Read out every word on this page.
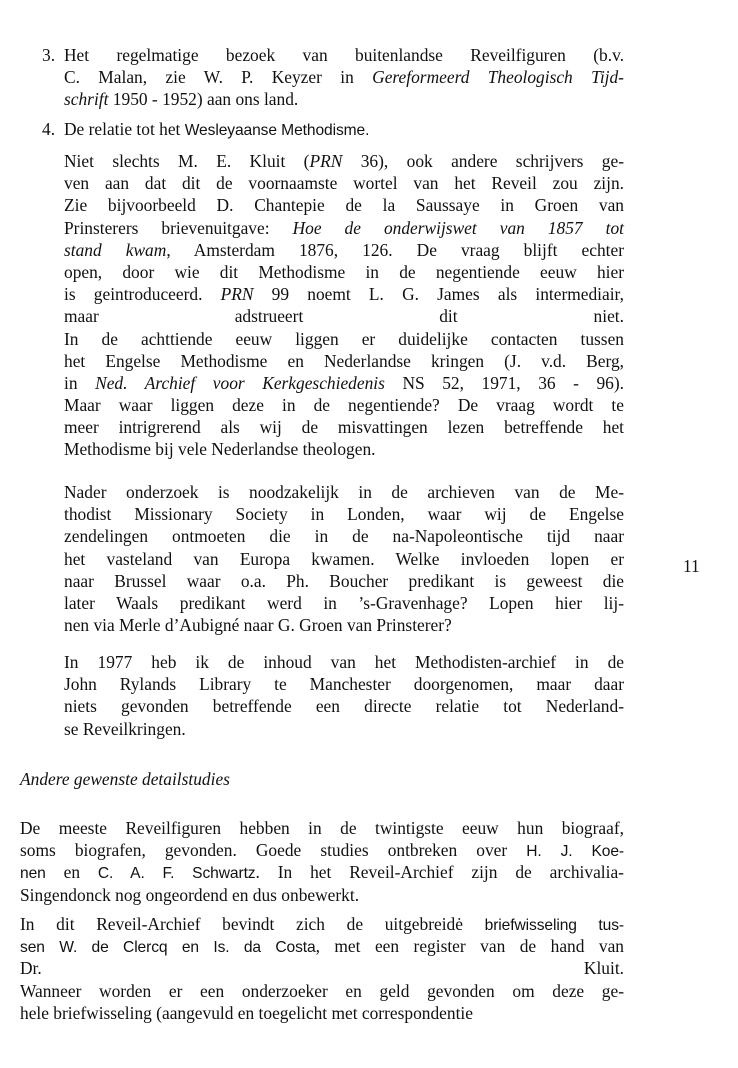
3. Het regelmatige bezoek van buitenlandse Reveilfiguren (b.v.
C. Malan, zie W. P. Keyzer in Gereformeerd Theologisch Tijd-
schrift 1950 - 1952) aan ons land.
4. De relatie tot het Wesleyaanse Methodisme.
Niet slechts M. E. Kluit (PRN 36), ook andere schrijvers ge-
ven aan dat dit de voornaamste wortel van het Reveil zou zijn.
Zie bijvoorbeeld D. Chantepie de la Saussaye in Groen van
Prinsterers brievenuitgave: Hoe de onderwijswet van 1857 tot
stand kwam, Amsterdam 1876, 126. De vraag blijft echter
open, door wie dit Methodisme in de negentiende eeuw hier
is geintroduceerd. PRN 99 noemt L. G. James als intermediair,
maar adstrueert dit niet.
In de achttiende eeuw liggen er duidelijke contacten tussen
het Engelse Methodisme en Nederlandse kringen (J. v.d. Berg,
in Ned. Archief voor Kerkgeschiedenis NS 52, 1971, 36 - 96).
Maar waar liggen deze in de negentiende? De vraag wordt te
meer intrigrerend als wij de misvattingen lezen betreffende het
Methodisme bij vele Nederlandse theologen.
Nader onderzoek is noodzakelijk in de archieven van de Me-
thodist Missionary Society in Londen, waar wij de Engelse
zendelingen ontmoeten die in de na-Napoleontische tijd naar
het vasteland van Europa kwamen. Welke invloeden lopen er
naar Brussel waar o.a. Ph. Boucher predikant is geweest die
later Waals predikant werd in ’s-Gravenhage? Lopen hier lij-
nen via Merle d’Aubigné naar G. Groen van Prinsterer?
11
In 1977 heb ik de inhoud van het Methodisten-archief in de
John Rylands Library te Manchester doorgenomen, maar daar
niets gevonden betreffende een directe relatie tot Nederland-
se Reveilkringen.
Andere gewenste detailstudies
De meeste Reveilfiguren hebben in de twintigste eeuw hun biograaf,
soms biografen, gevonden. Goede studies ontbreken over H. J. Koe-
nen en C. A. F. Schwartz. In het Reveil-Archief zijn de archivalia-
Singendonck nog ongeordend en dus onbewerkt.
In dit Reveil-Archief bevindt zich de uitgebreidė briefwisseling tus-
sen W. de Clercq en Is. da Costa, met een register van de hand van
Dr. Kluit.
Wanneer worden er een onderzoeker en geld gevonden om deze ge-
hele briefwisseling (aangevuld en toegelicht met correspondentie
